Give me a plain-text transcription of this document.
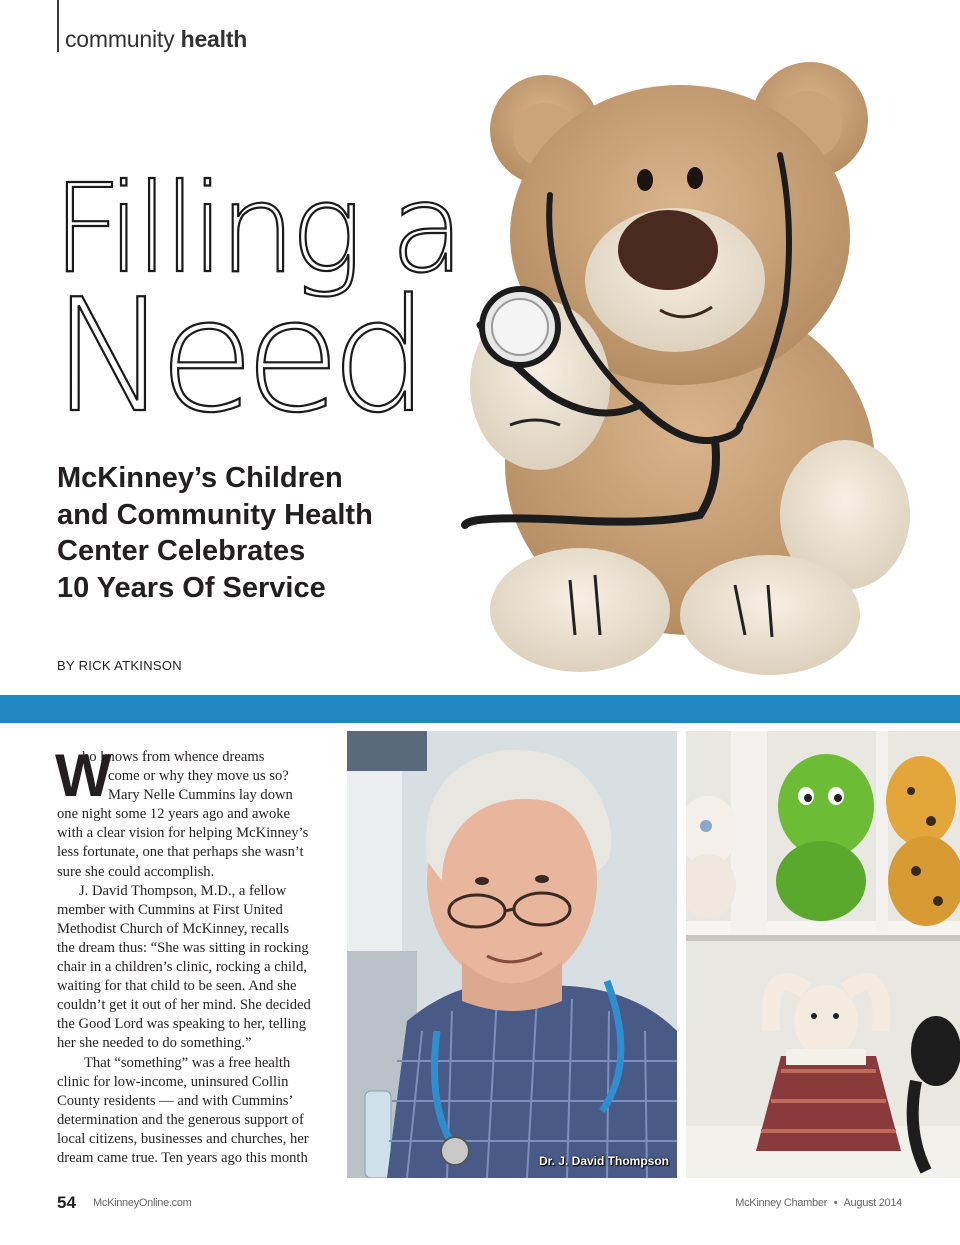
community health
Filling a
Need
McKinney’s Children
and Community Health
Center Celebrates
10 Years Of Service
BY RICK ATKINSON
W
ho knows from whence dreams
come or why they move us so?
Mary Nelle Cummins lay down
one night some 12 years ago and awoke
with a clear vision for helping McKinney’s
less fortunate, one that perhaps she wasn’t
sure she could accomplish.
J. David Thompson, M.D., a fellow
member with Cummins at First United
Methodist Church of McKinney, recalls
the dream thus: “She was sitting in rocking
chair in a children’s clinic, rocking a child,
waiting for that child to be seen. And she
couldn’t get it out of her mind. She decided
the Good Lord was speaking to her, telling
her she needed to do something.”
That “something” was a free health
clinic for low-income, uninsured Collin
County residents — and with Cummins’
determination and the generous support of
local citizens, businesses and churches, her
dream came true. Ten years ago this month	Dr. J. David Thompson
54 McKinneyOnline.com	McKinney Chamber • August 2014
